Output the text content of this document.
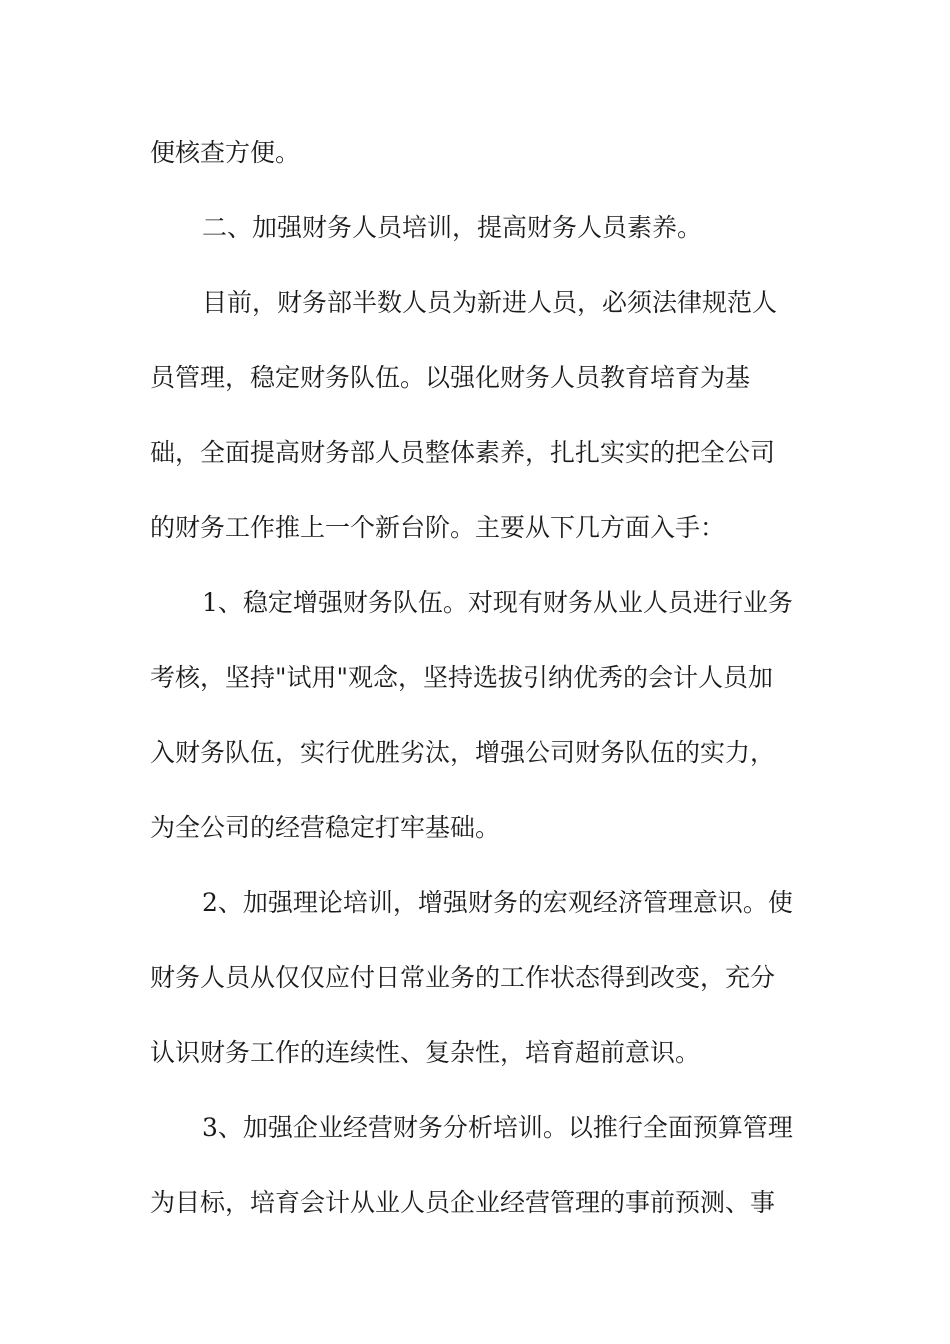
便核查方便。

二、加强财务人员培训，提高财务人员素养。

目前，财务部半数人员为新进人员，必须法律规范人

员管理，稳定财务队伍。以强化财务人员教育培育为基

础，全面提高财务部人员整体素养，扎扎实实的把全公司

的财务工作推上一个新台阶。主要从下几方面入手：

1、稳定增强财务队伍。对现有财务从业人员进行业务

考核，坚持"试用"观念，坚持选拔引纳优秀的会计人员加

入财务队伍，实行优胜劣汰，增强公司财务队伍的实力，

为全公司的经营稳定打牢基础。

2、加强理论培训，增强财务的宏观经济管理意识。使

财务人员从仅仅应付日常业务的工作状态得到改变，充分

认识财务工作的连续性、复杂性，培育超前意识。

3、加强企业经营财务分析培训。以推行全面预算管理

为目标，培育会计从业人员企业经营管理的事前预测、事
